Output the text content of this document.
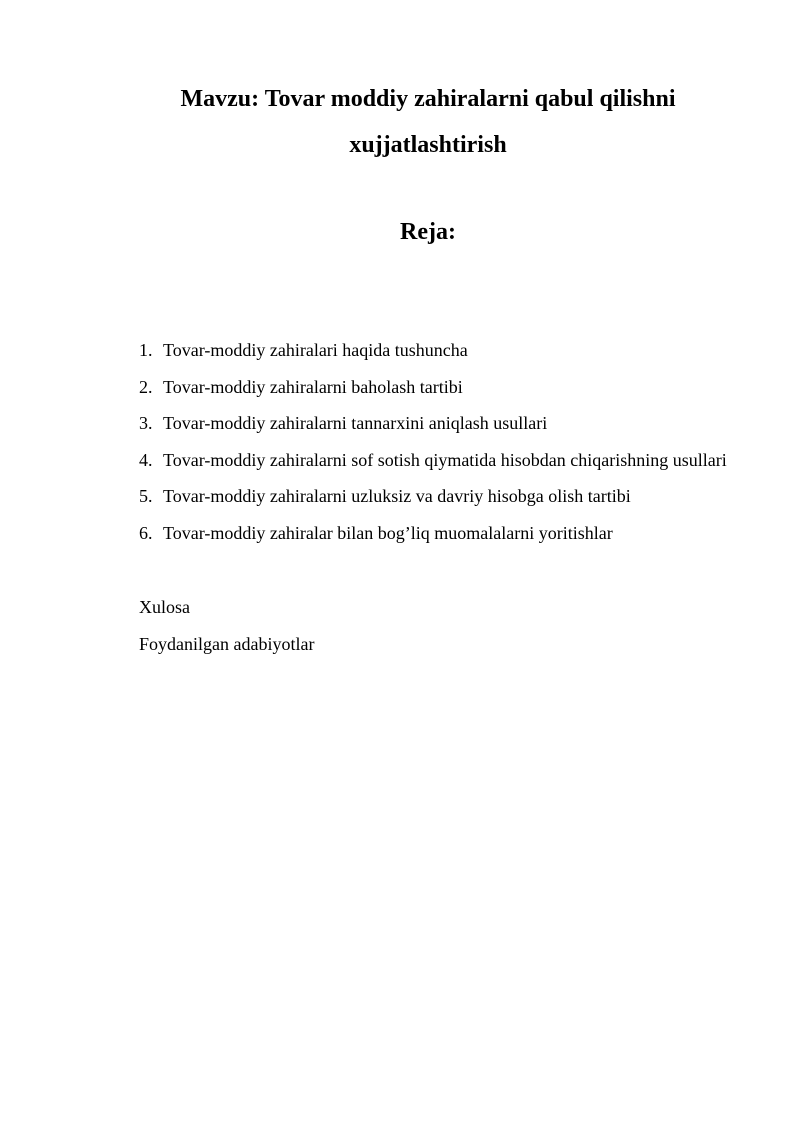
Mavzu: Tovar moddiy zahiralarni qabul qilishni xujjatlashtirish
Reja:
1. Tovar-moddiy zahiralari haqida tushuncha
2. Tovar-moddiy zahiralarni baholash tartibi
3. Tovar-moddiy zahiralarni tannarxini aniqlash usullari
4. Tovar-moddiy zahiralarni sof sotish qiymatida hisobdan chiqarishning usullari
5. Tovar-moddiy zahiralarni uzluksiz va davriy hisobga olish tartibi
6. Tovar-moddiy zahiralar bilan bog’liq muomalalarni yoritishlar
Xulosa
Foydanilgan adabiyotlar
